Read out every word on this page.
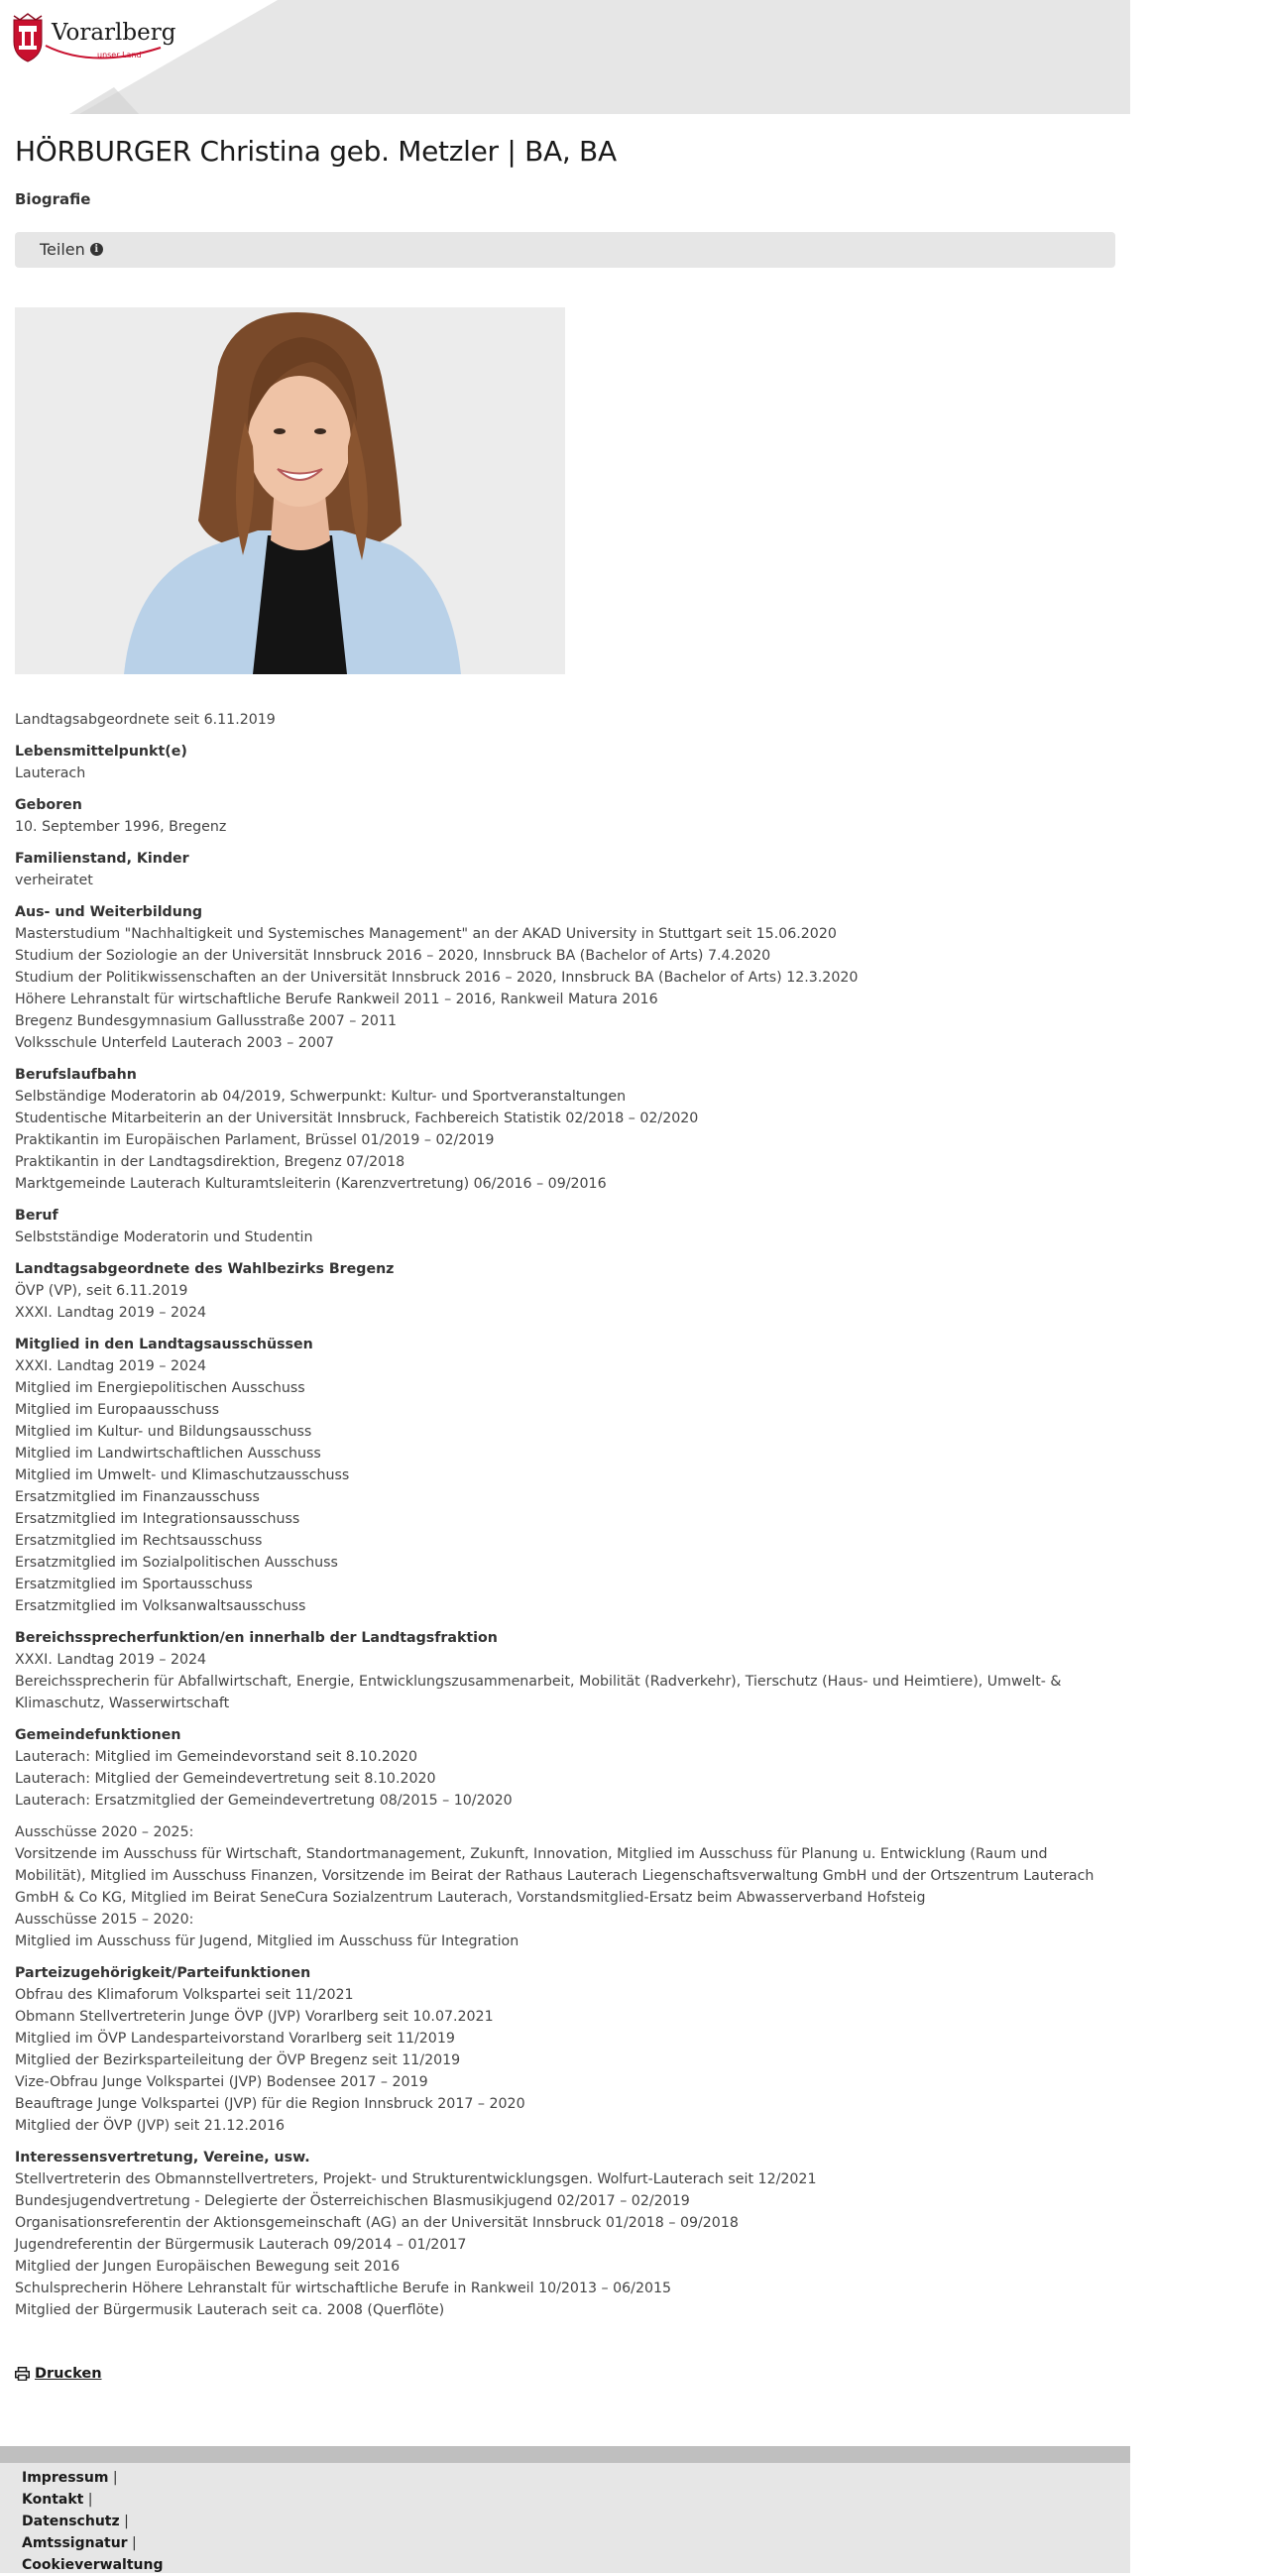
Vorarlberg
unser Land
HÖRBURGER Christina geb. Metzler | BA, BA
Biografie
Teilen i

Landtagsabgeordnete seit 6.11.2019

Lebensmittelpunkt(e)

Lauterach

Geboren

10. September 1996, Bregenz

Familienstand, Kinder

verheiratet

Aus- und Weiterbildung

Masterstudium "Nachhaltigkeit und Systemisches Management" an der AKAD University in Stuttgart seit 15.06.2020

Studium der Soziologie an der Universität Innsbruck 2016 – 2020, Innsbruck BA (Bachelor of Arts) 7.4.2020

Studium der Politikwissenschaften an der Universität Innsbruck 2016 – 2020, Innsbruck BA (Bachelor of Arts) 12.3.2020

Höhere Lehranstalt für wirtschaftliche Berufe Rankweil 2011 – 2016, Rankweil Matura 2016

Bregenz Bundesgymnasium Gallusstraße 2007 – 2011

Volksschule Unterfeld Lauterach 2003 – 2007

Berufslaufbahn

Selbständige Moderatorin ab 04/2019, Schwerpunkt: Kultur- und Sportveranstaltungen

Studentische Mitarbeiterin an der Universität Innsbruck, Fachbereich Statistik 02/2018 – 02/2020

Praktikantin im Europäischen Parlament, Brüssel 01/2019 – 02/2019

Praktikantin in der Landtagsdirektion, Bregenz 07/2018

Marktgemeinde Lauterach Kulturamtsleiterin (Karenzvertretung) 06/2016 – 09/2016

Beruf

Selbstständige Moderatorin und Studentin

Landtagsabgeordnete des Wahlbezirks Bregenz

ÖVP (VP), seit 6.11.2019

XXXI. Landtag 2019 – 2024

Mitglied in den Landtagsausschüssen

XXXI. Landtag 2019 – 2024

Mitglied im Energiepolitischen Ausschuss

Mitglied im Europaausschuss

Mitglied im Kultur- und Bildungsausschuss

Mitglied im Landwirtschaftlichen Ausschuss

Mitglied im Umwelt- und Klimaschutzausschuss

Ersatzmitglied im Finanzausschuss

Ersatzmitglied im Integrationsausschuss

Ersatzmitglied im Rechtsausschuss

Ersatzmitglied im Sozialpolitischen Ausschuss

Ersatzmitglied im Sportausschuss

Ersatzmitglied im Volksanwaltsausschuss

Bereichssprecherfunktion/en innerhalb der Landtagsfraktion

XXXI. Landtag 2019 – 2024

Bereichssprecherin für Abfallwirtschaft, Energie, Entwicklungszusammenarbeit, Mobilität (Radverkehr), Tierschutz (Haus- und Heimtiere), Umwelt- & Klimaschutz, Wasserwirtschaft

Gemeindefunktionen

Lauterach: Mitglied im Gemeindevorstand seit 8.10.2020

Lauterach: Mitglied der Gemeindevertretung seit 8.10.2020

Lauterach: Ersatzmitglied der Gemeindevertretung 08/2015 – 10/2020

Ausschüsse 2020 – 2025:

Vorsitzende im Ausschuss für Wirtschaft, Standortmanagement, Zukunft, Innovation, Mitglied im Ausschuss für Planung u. Entwicklung (Raum und Mobilität), Mitglied im Ausschuss Finanzen, Vorsitzende im Beirat der Rathaus Lauterach Liegenschaftsverwaltung GmbH und der Ortszentrum Lauterach GmbH & Co KG, Mitglied im Beirat SeneCura Sozialzentrum Lauterach, Vorstandsmitglied-Ersatz beim Abwasserverband Hofsteig

Ausschüsse 2015 – 2020:

Mitglied im Ausschuss für Jugend, Mitglied im Ausschuss für Integration

Parteizugehörigkeit/Parteifunktionen

Obfrau des Klimaforum Volkspartei seit 11/2021

Obmann Stellvertreterin Junge ÖVP (JVP) Vorarlberg seit 10.07.2021

Mitglied im ÖVP Landesparteivorstand Vorarlberg seit 11/2019

Mitglied der Bezirksparteileitung der ÖVP Bregenz seit 11/2019

Vize-Obfrau Junge Volkspartei (JVP) Bodensee 2017 – 2019

Beauftrage Junge Volkspartei (JVP) für die Region Innsbruck 2017 – 2020

Mitglied der ÖVP (JVP) seit 21.12.2016

Interessensvertretung, Vereine, usw.

Stellvertreterin des Obmannstellvertreters, Projekt- und Strukturentwicklungsgen. Wolfurt-Lauterach seit 12/2021

Bundesjugendvertretung - Delegierte der Österreichischen Blasmusikjugend 02/2017 – 02/2019

Organisationsreferentin der Aktionsgemeinschaft (AG) an der Universität Innsbruck 01/2018 – 09/2018

Jugendreferentin der Bürgermusik Lauterach 09/2014 – 01/2017

Mitglied der Jungen Europäischen Bewegung seit 2016

Schulsprecherin Höhere Lehranstalt für wirtschaftliche Berufe in Rankweil 10/2013 – 06/2015

Mitglied der Bürgermusik Lauterach seit ca. 2008 (Querflöte)

Drucken
Impressum |
Kontakt |
Datenschutz |
Amtssignatur |
Cookieverwaltung
